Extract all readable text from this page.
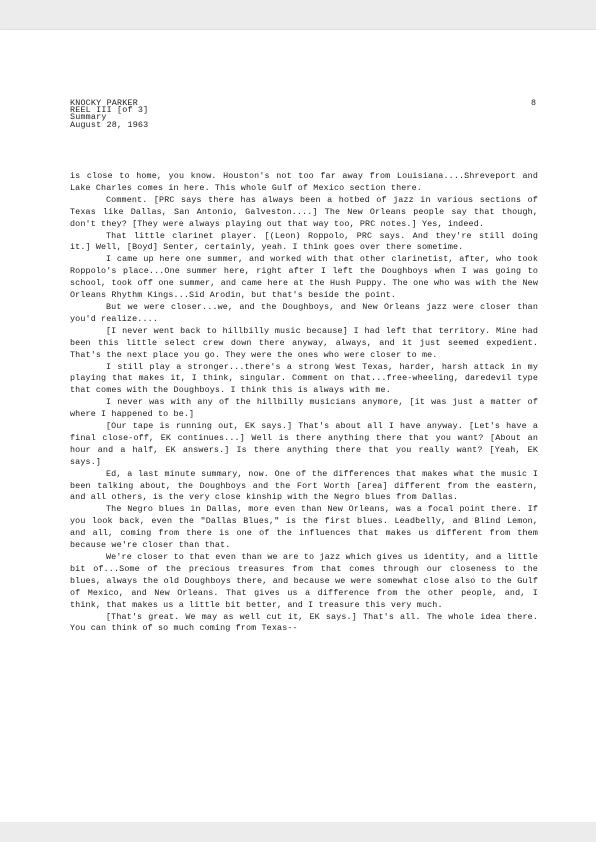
KNOCKY PARKER
REEL III [of 3]
Summary
August 28, 1963
8

is close to home, you know. Houston's not too far away from Louisiana....Shreveport and Lake Charles comes in here. This whole Gulf of Mexico section there.

Comment. [PRC says there has always been a hotbed of jazz in various sections of Texas like Dallas, San Antonio, Galveston....] The New Orleans people say that though, don't they? [They were always playing out that way too, PRC notes.] Yes, indeed.

That little clarinet player. [(Leon) Roppolo, PRC says. And they're still doing it.] Well, [Boyd] Senter, certainly, yeah. I think goes over there sometime.

I came up here one summer, and worked with that other clarinetist, after, who took Roppolo's place...One summer here, right after I left the Doughboys when I was going to school, took off one summer, and came here at the Hush Puppy. The one who was with the New Orleans Rhythm Kings...Sid Arodin, but that's beside the point.

But we were closer...we, and the Doughboys, and New Orleans jazz were closer than you'd realize....

[I never went back to hillbilly music because] I had left that territory. Mine had been this little select crew down there anyway, always, and it just seemed expedient. That's the next place you go. They were the ones who were closer to me.

I still play a stronger...there's a strong West Texas, harder, harsh attack in my playing that makes it, I think, singular. Comment on that...free-wheeling, daredevil type that comes with the Doughboys. I think this is always with me.

I never was with any of the hillbilly musicians anymore, [it was just a matter of where I happened to be.]

[Our tape is running out, EK says.] That's about all I have anyway. [Let's have a final close-off, EK continues...] Well is there anything there that you want? [About an hour and a half, EK answers.] Is there anything there that you really want? [Yeah, EK says.]

Ed, a last minute summary, now. One of the differences that makes what the music I been talking about, the Doughboys and the Fort Worth [area] different from the eastern, and all others, is the very close kinship with the Negro blues from Dallas.

The Negro blues in Dallas, more even than New Orleans, was a focal point there. If you look back, even the "Dallas Blues," is the first blues. Leadbelly, and Blind Lemon, and all, coming from there is one of the influences that makes us different from them because we're closer than that.

We're closer to that even than we are to jazz which gives us identity, and a little bit of...Some of the precious treasures from that comes through our closeness to the blues, always the old Doughboys there, and because we were somewhat close also to the Gulf of Mexico, and New Orleans. That gives us a difference from the other people, and, I think, that makes us a little bit better, and I treasure this very much.

[That's great. We may as well cut it, EK says.] That's all. The whole idea there. You can think of so much coming from Texas--
